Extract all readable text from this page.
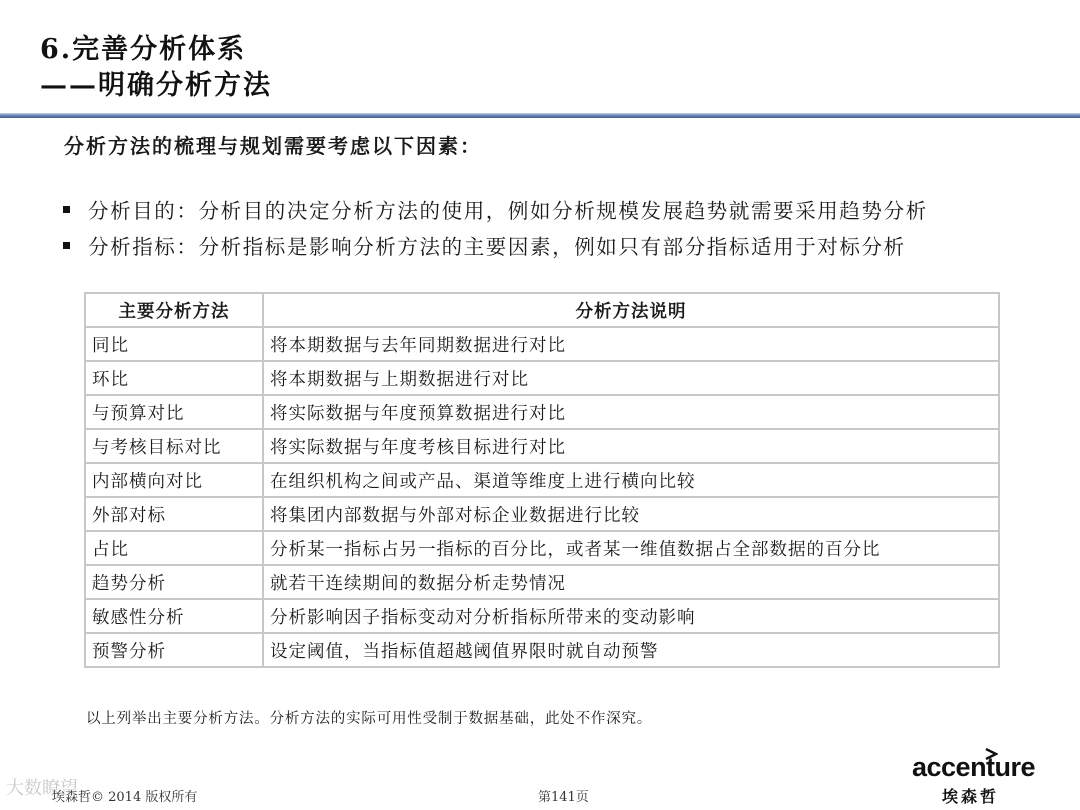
6.完善分析体系
——明确分析方法
分析方法的梳理与规划需要考虑以下因素：
分析目的：分析目的决定分析方法的使用，例如分析规模发展趋势就需要采用趋势分析
分析指标：分析指标是影响分析方法的主要因素，例如只有部分指标适用于对标分析
主要分析方法	分析方法说明
同比	将本期数据与去年同期数据进行对比
环比	将本期数据与上期数据进行对比
与预算对比	将实际数据与年度预算数据进行对比
与考核目标对比	将实际数据与年度考核目标进行对比
内部横向对比	在组织机构之间或产品、渠道等维度上进行横向比较
外部对标	将集团内部数据与外部对标企业数据进行比较
占比	分析某一指标占另一指标的百分比，或者某一维值数据占全部数据的百分比
趋势分析	就若干连续期间的数据分析走势情况
敏感性分析	分析影响因子指标变动对分析指标所带来的变动影响
预警分析	设定阈值，当指标值超越阈值界限时就自动预警
以上列举出主要分析方法。分析方法的实际可用性受制于数据基础，此处不作深究。
大数瞭望
埃森哲© 2014 版权所有	第141页
accenture
埃森哲
